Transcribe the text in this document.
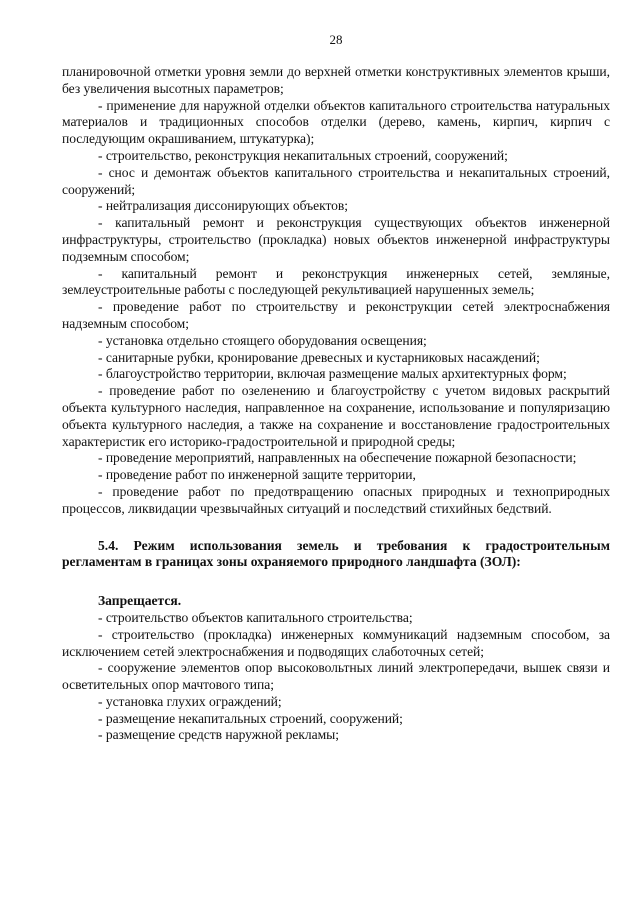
28

планировочной отметки уровня земли до верхней отметки конструктивных элементов крыши, без увеличения высотных параметров;

- применение для наружной отделки объектов капитального строительства натуральных материалов и традиционных способов отделки (дерево, камень, кирпич, кирпич с последующим окрашиванием, штукатурка);

- строительство, реконструкция некапитальных строений, сооружений;

- снос и демонтаж объектов капитального строительства и некапитальных строений, сооружений;

- нейтрализация диссонирующих объектов;

- капитальный ремонт и реконструкция существующих объектов инженерной инфраструктуры, строительство (прокладка) новых объектов инженерной инфраструктуры подземным способом;

- капитальный ремонт и реконструкция инженерных сетей, земляные, землеустроительные работы с последующей рекультивацией нарушенных земель;

- проведение работ по строительству и реконструкции сетей электроснабжения надземным способом;

- установка отдельно стоящего оборудования освещения;

- санитарные рубки, кронирование древесных и кустарниковых насаждений;

- благоустройство территории, включая размещение малых архитектурных форм;

- проведение работ по озеленению и благоустройству с учетом видовых раскрытий объекта культурного наследия, направленное на сохранение, использование и популяризацию объекта культурного наследия, а также на сохранение и восстановление градостроительных характеристик его историко-градостроительной и природной среды;

- проведение мероприятий, направленных на обеспечение пожарной безопасности;

- проведение работ по инженерной защите территории,

- проведение работ по предотвращению опасных природных и техноприродных процессов, ликвидации чрезвычайных ситуаций и последствий стихийных бедствий.

5.4. Режим использования земель и требования к градостроительным регламентам в границах зоны охраняемого природного ландшафта (ЗОЛ):

Запрещается.

- строительство объектов капитального строительства;

- строительство (прокладка) инженерных коммуникаций надземным способом, за исключением сетей электроснабжения и подводящих слаботочных сетей;

- сооружение элементов опор высоковольтных линий электропередачи, вышек связи и осветительных опор мачтового типа;

- установка глухих ограждений;

- размещение некапитальных строений, сооружений;

- размещение средств наружной рекламы;
